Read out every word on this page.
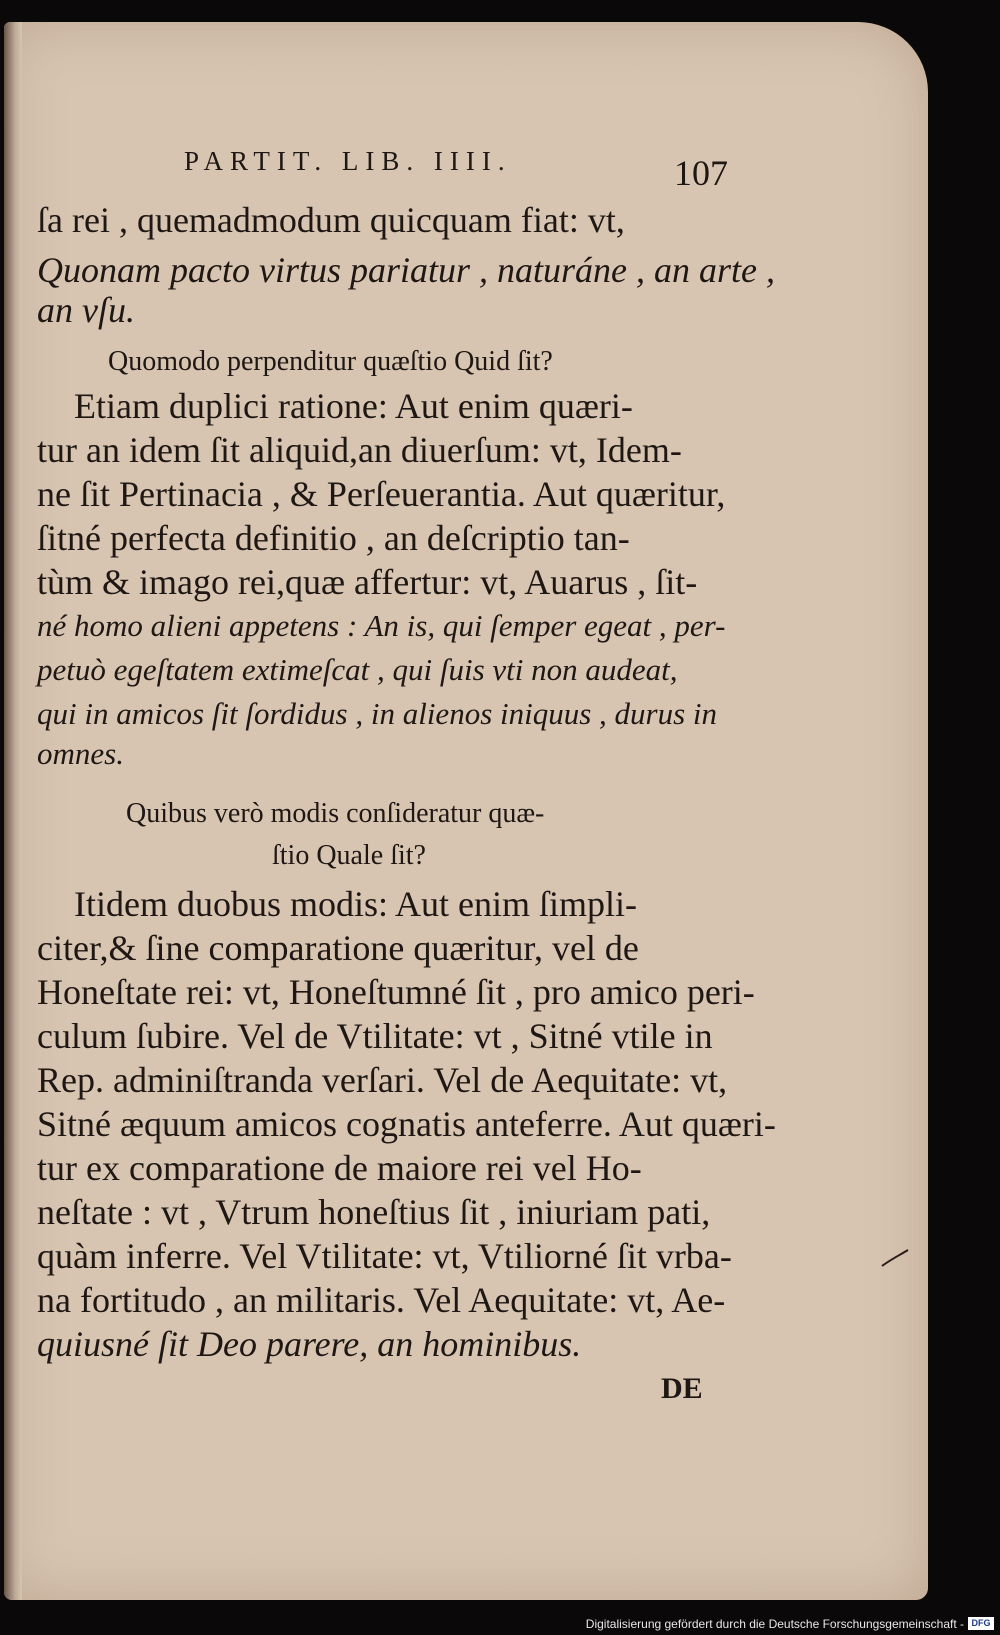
PARTIT. LIB. IIII.	107

ſa rei , quemadmodum quicquam fiat: vt,

Quonam pacto virtus pariatur , naturáne , an arte ,

an vſu.

Quomodo perpenditur quæſtio Quid ſit?

Etiam duplici ratione: Aut enim quæri-

tur an idem ſit aliquid,an diuerſum: vt, Idem-

ne ſit Pertinacia , & Perſeuerantia. Aut quæritur,

ſitné perfecta definitio , an deſcriptio tan-

tùm & imago rei,quæ affertur: vt, Auarus , ſit-

né homo alieni appetens : An is, qui ſemper egeat , per-

petuò egeſtatem extimeſcat , qui ſuis vti non audeat,

qui in amicos ſit ſordidus , in alienos iniquus , durus in

omnes.

Quibus verò modis conſideratur quæ-

ſtio Quale ſit?

Itidem duobus modis: Aut enim ſimpli-

citer,& ſine comparatione quæritur, vel de

Honeſtate rei: vt, Honeſtumné ſit , pro amico peri-

culum ſubire. Vel de Vtilitate: vt , Sitné vtile in

Rep. adminiſtranda verſari. Vel de Aequitate: vt,

Sitné æquum amicos cognatis anteferre. Aut quæri-

tur ex comparatione de maiore rei vel Ho-

neſtate : vt , Vtrum honeſtius ſit , iniuriam pati,

quàm inferre. Vel Vtilitate: vt, Vtiliorné ſit vrba-

na fortitudo , an militaris. Vel Aequitate: vt, Ae-

quiusné ſit Deo parere, an hominibus.

DE

Digitalisierung gefördert durch die Deutsche Forschungsgemeinschaft - DFG
